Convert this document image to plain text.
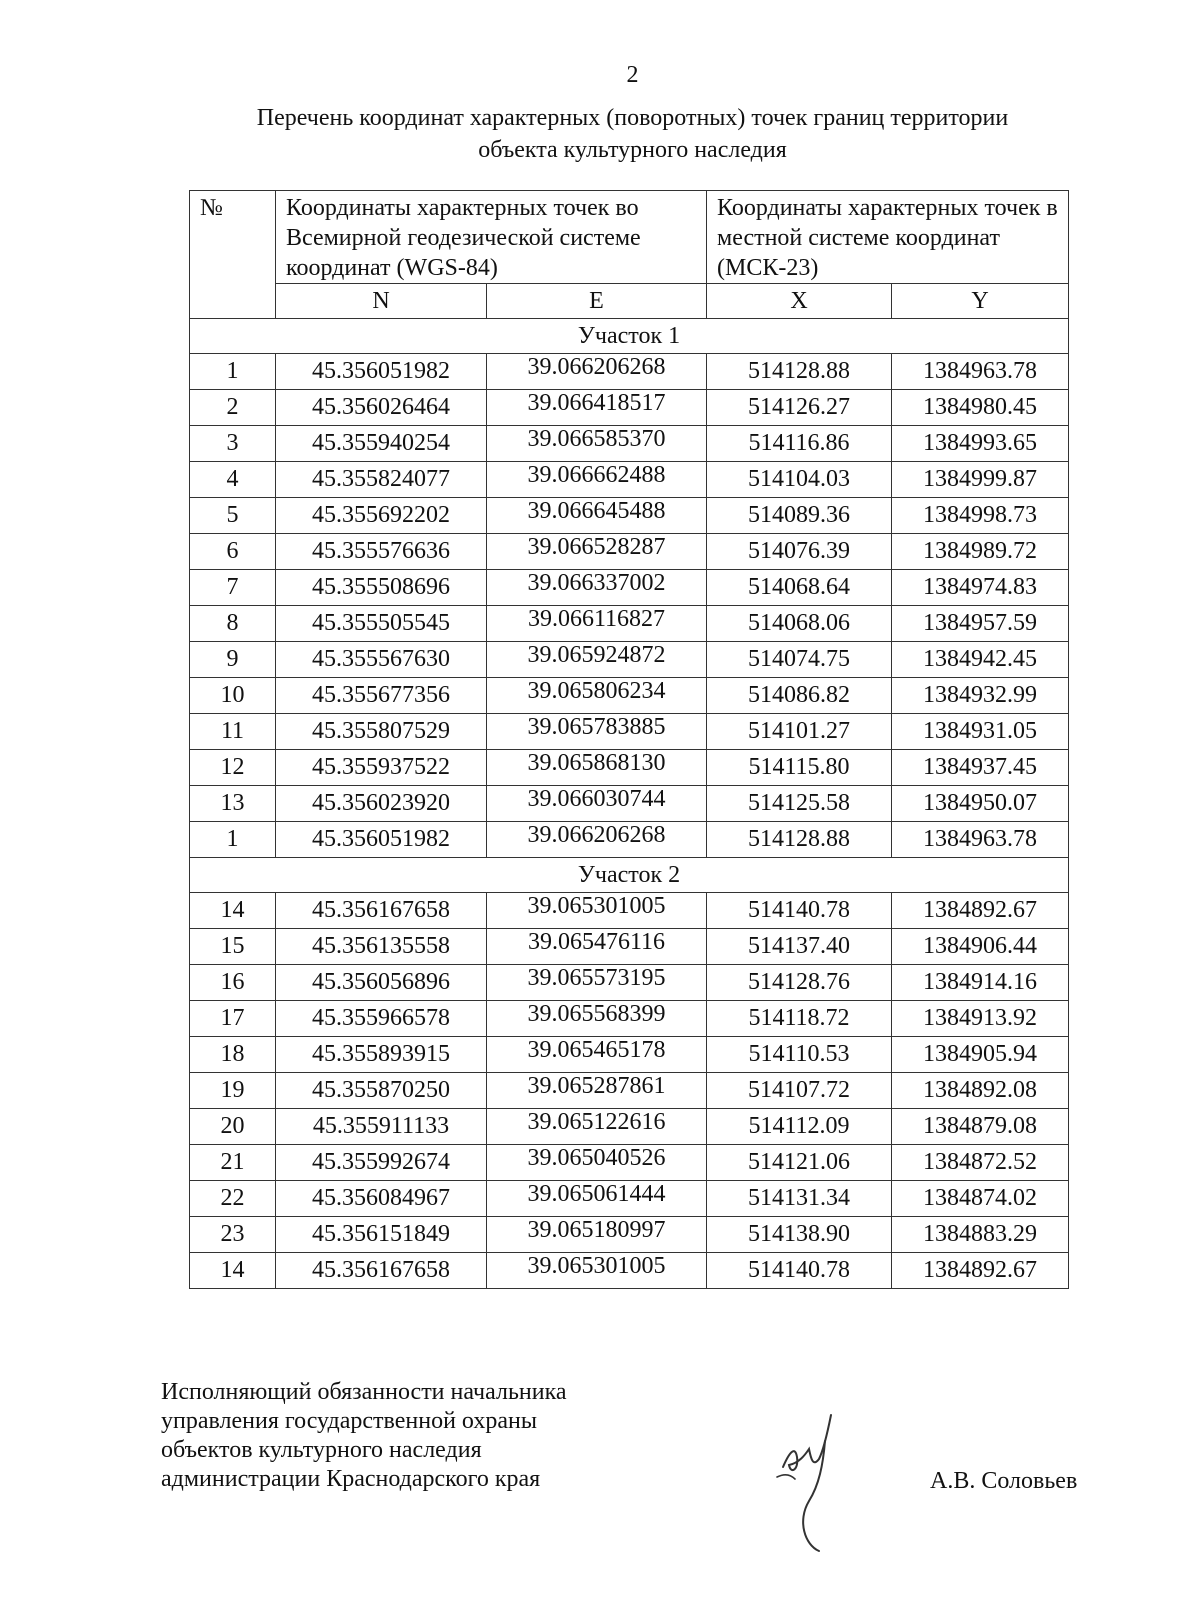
2
Перечень координат характерных (поворотных) точек границ территории
объекта культурного наследия
№	Координаты характерных точек во Всемирной геодезической системе координат (WGS-84)		Координаты характерных точек в местной системе координат (МСК-23)	
	N	E	X	Y
Участок 1				
1	45.356051982	39.066206268	514128.88	1384963.78
2	45.356026464	39.066418517	514126.27	1384980.45
3	45.355940254	39.066585370	514116.86	1384993.65
4	45.355824077	39.066662488	514104.03	1384999.87
5	45.355692202	39.066645488	514089.36	1384998.73
6	45.355576636	39.066528287	514076.39	1384989.72
7	45.355508696	39.066337002	514068.64	1384974.83
8	45.355505545	39.066116827	514068.06	1384957.59
9	45.355567630	39.065924872	514074.75	1384942.45
10	45.355677356	39.065806234	514086.82	1384932.99
11	45.355807529	39.065783885	514101.27	1384931.05
12	45.355937522	39.065868130	514115.80	1384937.45
13	45.356023920	39.066030744	514125.58	1384950.07
1	45.356051982	39.066206268	514128.88	1384963.78
Участок 2				
14	45.356167658	39.065301005	514140.78	1384892.67
15	45.356135558	39.065476116	514137.40	1384906.44
16	45.356056896	39.065573195	514128.76	1384914.16
17	45.355966578	39.065568399	514118.72	1384913.92
18	45.355893915	39.065465178	514110.53	1384905.94
19	45.355870250	39.065287861	514107.72	1384892.08
20	45.355911133	39.065122616	514112.09	1384879.08
21	45.355992674	39.065040526	514121.06	1384872.52
22	45.356084967	39.065061444	514131.34	1384874.02
23	45.356151849	39.065180997	514138.90	1384883.29
14	45.356167658	39.065301005	514140.78	1384892.67
Исполняющий обязанности начальника
управления государственной охраны
объектов культурного наследия
администрации Краснодарского края	А.В. Соловьев
